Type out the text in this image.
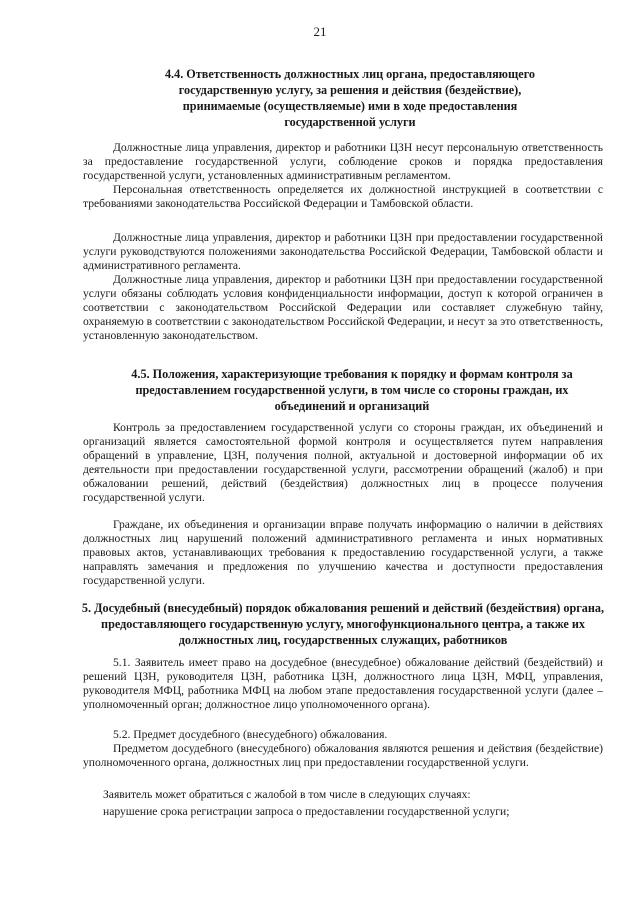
21
4.4. Ответственность должностных лиц органа, предоставляющего государственную услугу, за решения и действия (бездействие), принимаемые (осуществляемые) ими в ходе предоставления государственной услуги
Должностные лица управления, директор и работники ЦЗН несут персональную ответственность за предоставление государственной услуги, соблюдение сроков и порядка предоставления государственной услуги, установленных административным регламентом.
Персональная ответственность определяется их должностной инструкцией в соответствии с требованиями законодательства Российской Федерации и Тамбовской области.
Должностные лица управления, директор и работники ЦЗН при предоставлении государственной услуги руководствуются положениями законодательства Российской Федерации, Тамбовской области и административного регламента.
Должностные лица управления, директор и работники ЦЗН при предоставлении государственной услуги обязаны соблюдать условия конфиденциальности информации, доступ к которой ограничен в соответствии с законодательством Российской Федерации или составляет служебную тайну, охраняемую в соответствии с законодательством Российской Федерации, и несут за это ответственность, установленную законодательством.
4.5. Положения, характеризующие требования к порядку и формам контроля за предоставлением государственной услуги, в том числе со стороны граждан, их объединений и организаций
Контроль за предоставлением государственной услуги со стороны граждан, их объединений и организаций является самостоятельной формой контроля и осуществляется путем направления обращений в управление, ЦЗН, получения полной, актуальной и достоверной информации об их деятельности при предоставлении государственной услуги, рассмотрении обращений (жалоб) и при обжаловании решений, действий (бездействия) должностных лиц в процессе получения государственной услуги.
Граждане, их объединения и организации вправе получать информацию о наличии в действиях должностных лиц нарушений положений административного регламента и иных нормативных правовых актов, устанавливающих требования к предоставлению государственной услуги, а также направлять замечания и предложения по улучшению качества и доступности предоставления государственной услуги.
5. Досудебный (внесудебный) порядок обжалования решений и действий (бездействия) органа, предоставляющего государственную услугу, многофункционального центра, а также их должностных лиц, государственных служащих, работников
5.1. Заявитель имеет право на досудебное (внесудебное) обжалование действий (бездействий) и решений ЦЗН, руководителя ЦЗН, работника ЦЗН, должностного лица ЦЗН, МФЦ, управления, руководителя МФЦ, работника МФЦ на любом этапе предоставления государственной услуги (далее – уполномоченный орган; должностное лицо уполномоченного органа).
5.2. Предмет досудебного (внесудебного) обжалования.
Предметом досудебного (внесудебного) обжалования являются решения и действия (бездействие) уполномоченного органа, должностных лиц при предоставлении государственной услуги.
Заявитель может обратиться с жалобой в том числе в следующих случаях:
нарушение срока регистрации запроса о предоставлении государственной услуги;
